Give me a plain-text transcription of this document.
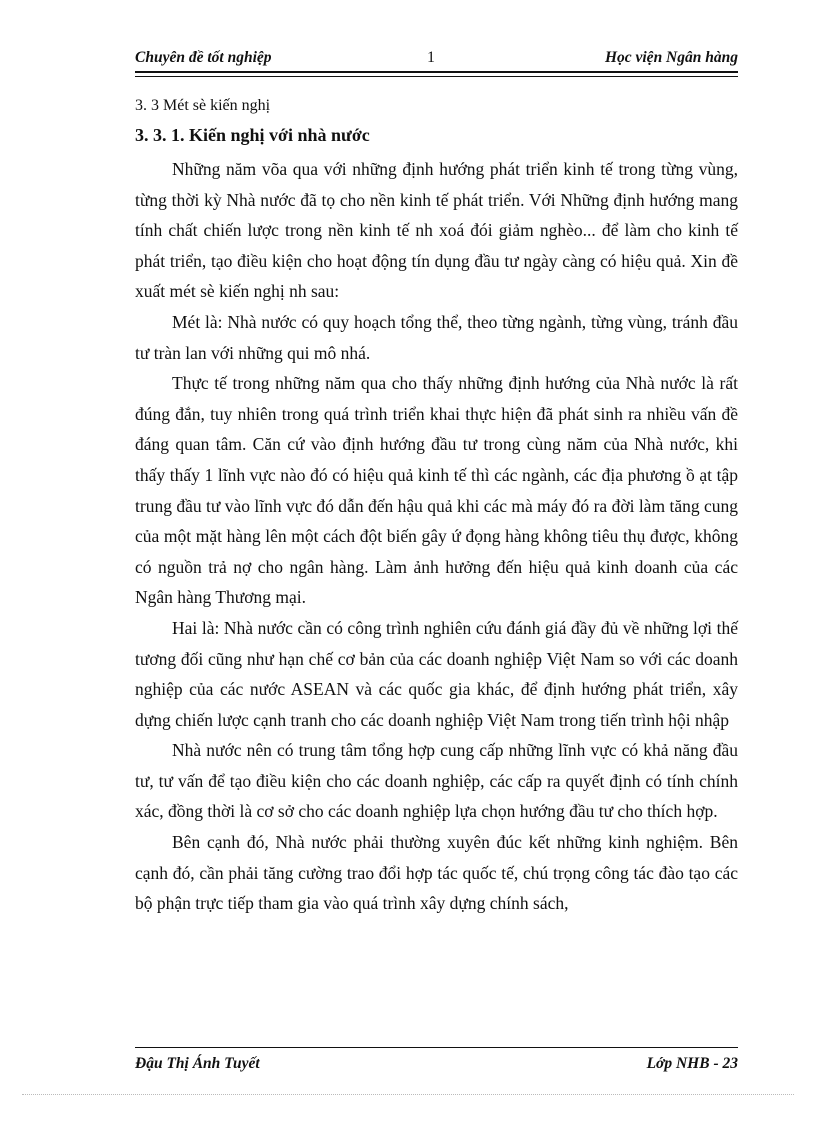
Chuyên đề tốt nghiệp	1	Học viện Ngân hàng

3. 3 Mét sè kiến nghị

3. 3. 1. Kiến nghị với nhà nước

Những năm võa qua với những định hướng phát triển kinh tế trong từng vùng, từng thời kỳ Nhà nước đã tọ cho nền kinh tế phát triển. Với Những định hướng mang tính chất chiến lược trong nền kinh tế nh xoá đói giảm nghèo... để làm cho kinh tế phát triển, tạo điều kiện cho hoạt động tín dụng đầu tư ngày càng có hiệu quả. Xin đề xuất mét sè kiến nghị nh sau:

Mét là: Nhà nước có quy hoạch tổng thể, theo từng ngành, từng vùng, tránh đầu tư tràn lan với những qui mô nhá.

Thực tế trong những năm qua cho thấy những định hướng của Nhà nước là rất đúng đắn, tuy nhiên trong quá trình triển khai thực hiện đã phát sinh ra nhiều vấn đề đáng quan tâm. Căn cứ vào định hướng đầu tư trong cùng năm của Nhà nước, khi thấy thấy 1 lĩnh vực nào đó có hiệu quả kinh tế thì các ngành, các địa phương ồ ạt tập trung đầu tư vào lĩnh vực đó dẫn đến hậu quả khi các mà máy đó ra đời làm tăng cung của một mặt hàng lên một cách đột biến gây ứ đọng hàng không tiêu thụ được, không có nguồn trả nợ cho ngân hàng. Làm ảnh hưởng đến hiệu quả kinh doanh của các Ngân hàng Thương mại.

Hai là: Nhà nước cần có công trình nghiên cứu đánh giá đầy đủ về những lợi thế tương đối cũng như hạn chế cơ bản của các doanh nghiệp Việt Nam so với các doanh nghiệp của các nước ASEAN và các quốc gia khác, để định hướng phát triển, xây dựng chiến lược cạnh tranh cho các doanh nghiệp Việt Nam trong tiến trình hội nhập

Nhà nước nên có trung tâm tổng hợp cung cấp những lĩnh vực có khả năng đầu tư, tư vấn để tạo điều kiện cho các doanh nghiệp, các cấp ra quyết định có tính chính xác, đồng thời là cơ sở cho các doanh nghiệp lựa chọn hướng đầu tư cho thích hợp.

Bên cạnh đó, Nhà nước phải thường xuyên đúc kết những kinh nghiệm. Bên cạnh đó, cần phải tăng cường trao đổi hợp tác quốc tế, chú trọng công tác đào tạo các bộ phận trực tiếp tham gia vào quá trình xây dựng chính sách,

Đậu Thị Ánh Tuyết	Lớp NHB - 23
